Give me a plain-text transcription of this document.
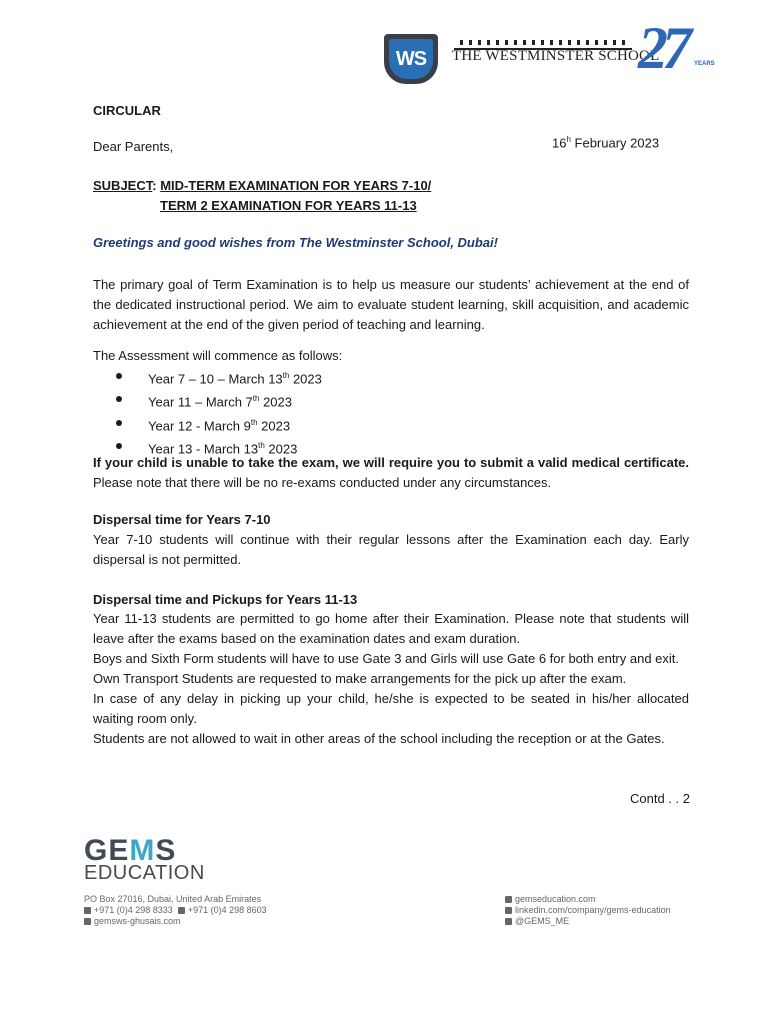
WS	THE WESTMINSTER SCHOOL
27 YEARS
CIRCULAR
Dear Parents,	16$^h$ February 2023
SUBJECT: MID-TERM EXAMINATION FOR YEARS 7-10/
TERM 2 EXAMINATION FOR YEARS 11-13
Greetings and good wishes from The Westminster School, Dubai!
The primary goal of Term Examination is to help us measure our students’ achievement at the end of the dedicated instructional period. We aim to evaluate student learning, skill acquisition, and academic achievement at the end of the given period of teaching and learning.
The Assessment will commence as follows:
Year 7 – 10 – March 13th 2023
Year 11 – March 7th 2023
Year 12 - March 9th 2023
Year 13 - March 13th 2023
If your child is unable to take the exam, we will require you to submit a valid medical certificate. Please note that there will be no re-exams conducted under any circumstances.
Dispersal time for Years 7-10
Year 7-10 students will continue with their regular lessons after the Examination each day. Early dispersal is not permitted.
Dispersal time and Pickups for Years 11-13
Year 11-13 students are permitted to go home after their Examination. Please note that students will leave after the exams based on the examination dates and exam duration.
Boys and Sixth Form students will have to use Gate 3 and Girls will use Gate 6 for both entry and exit.
Own Transport Students are requested to make arrangements for the pick up after the exam.
In case of any delay in picking up your child, he/she is expected to be seated in his/her allocated waiting room only.
Students are not allowed to wait in other areas of the school including the reception or at the Gates.
Contd . . 2
GEMS
EDUCATION
PO Box 27016, Dubai, United Arab Emirates
+971 (0)4 298 8333 +971 (0)4 298 8603
gemsws-ghusais.com
gemseducation.com
linkedin.com/company/gems-education
@GEMS_ME
